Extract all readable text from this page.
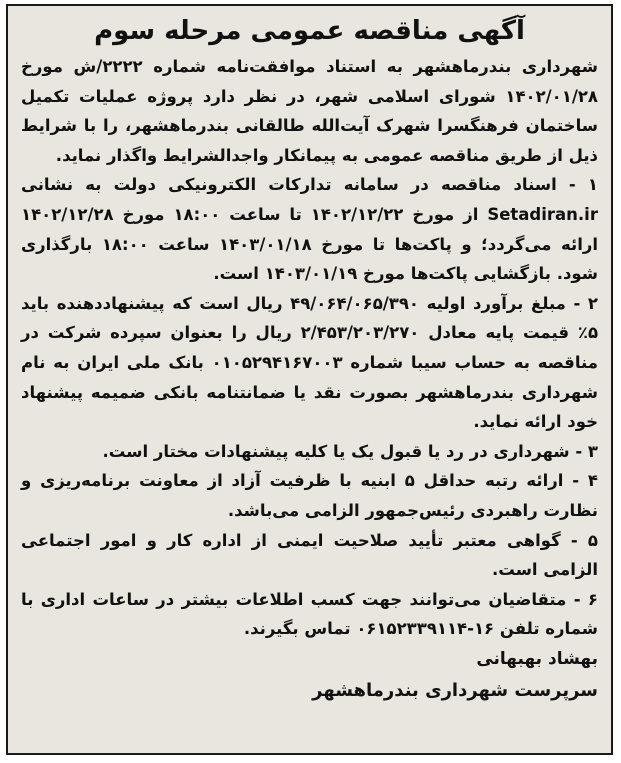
آگهی مناقصه عمومی مرحله سوم

شهرداری بندرماهشهر به استناد موافقت‌نامه شماره ۲۲۲۲/ش مورخ ۱۴۰۲/۰۱/۲۸ شورای اسلامی شهر، در نظر دارد پروژه عملیات تکمیل ساختمان فرهنگسرا شهرک آیت‌الله طالقانی بندرماهشهر، را با شرایط ذیل از طریق مناقصه عمومی به پیمانکار واجدالشرایط واگذار نماید.

۱ - اسناد مناقصه در سامانه تدارکات الکترونیکی دولت به نشانی Setadiran.ir از مورخ ۱۴۰۲/۱۲/۲۲ تا ساعت ۱۸:۰۰ مورخ ۱۴۰۲/۱۲/۲۸ ارائه می‌گردد؛ و پاکت‌ها تا مورخ ۱۴۰۳/۰۱/۱۸ ساعت ۱۸:۰۰ بارگذاری شود. بازگشایی پاکت‌ها مورخ ۱۴۰۳/۰۱/۱۹ است.

۲ - مبلغ برآورد اولیه ۴۹/۰۶۴/۰۶۵/۳۹۰ ریال است که پیشنهاددهنده باید ۵٪ قیمت پایه معادل ۲/۴۵۳/۲۰۳/۲۷۰ ریال را بعنوان سپرده شرکت در مناقصه به حساب سیبا شماره ۰۱۰۵۲۹۴۱۶۷۰۰۳ بانک ملی ایران به نام شهرداری بندرماهشهر بصورت نقد یا ضمانتنامه بانکی ضمیمه پیشنهاد خود ارائه نماید.

۳ - شهرداری در رد یا قبول یک یا کلیه پیشنهادات مختار است.

۴ - ارائه رتبه حداقل ۵ ابنیه با ظرفیت آزاد از معاونت برنامه‌ریزی و نظارت راهبردی رئیس‌جمهور الزامی می‌باشد.

۵ - گواهی معتبر تأیید صلاحیت ایمنی از اداره کار و امور اجتماعی الزامی است.

۶ - متقاضیان می‌توانند جهت کسب اطلاعات بیشتر در ساعات اداری با شماره تلفن ۱۶-۰۶۱۵۲۳۳۹۱۱۴ تماس بگیرند.

بهشاد بهبهانی

سرپرست شهرداری بندرماهشهر
